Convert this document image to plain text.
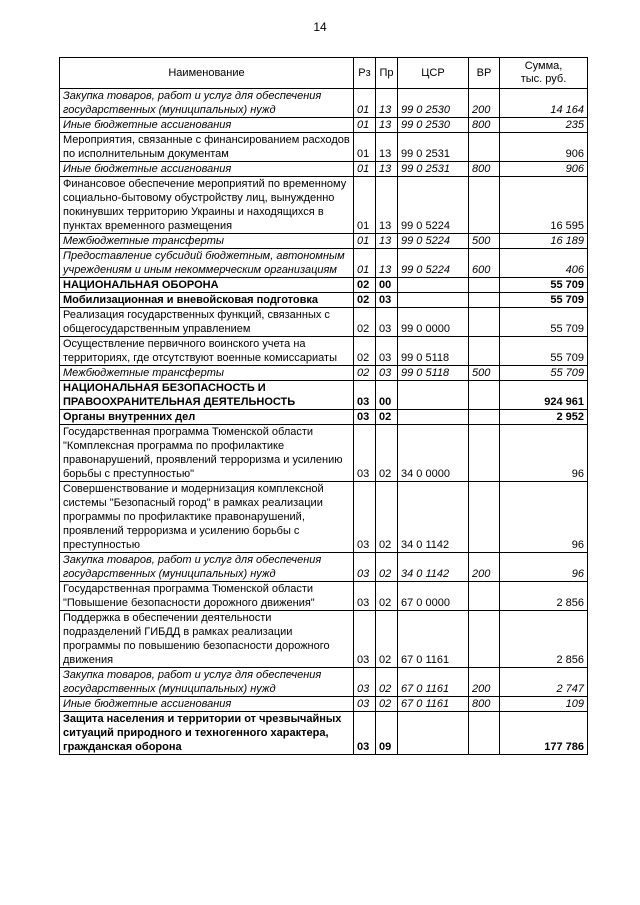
14
Наименование	Рз	Пр	ЦСР	ВР	Сумма,
тыс. руб.
Закупка товаров, работ и услуг для обеспечения государственных (муниципальных) нужд	01	13	99 0 2530	200	14 164
Иные бюджетные ассигнования	01	13	99 0 2530	800	235
Мероприятия, связанные с финансированием расходов по исполнительным документам	01	13	99 0 2531		906
Иные бюджетные ассигнования	01	13	99 0 2531	800	906
Финансовое обеспечение мероприятий по временному социально-бытовому обустройству лиц, вынужденно покинувших территорию Украины и находящихся в пунктах временного размещения	01	13	99 0 5224		16 595
Межбюджетные трансферты	01	13	99 0 5224	500	16 189
Предоставление субсидий бюджетным, автономным учреждениям и иным некоммерческим организациям	01	13	99 0 5224	600	406
НАЦИОНАЛЬНАЯ ОБОРОНА	02	00			55 709
Мобилизационная и вневойсковая подготовка	02	03			55 709
Реализация государственных функций, связанных с общегосударственным управлением	02	03	99 0 0000		55 709
Осуществление первичного воинского учета на территориях, где отсутствуют военные комиссариаты	02	03	99 0 5118		55 709
Межбюджетные трансферты	02	03	99 0 5118	500	55 709
НАЦИОНАЛЬНАЯ БЕЗОПАСНОСТЬ И ПРАВООХРАНИТЕЛЬНАЯ ДЕЯТЕЛЬНОСТЬ	03	00			924 961
Органы внутренних дел	03	02			2 952
Государственная программа Тюменской области "Комплексная программа по профилактике правонарушений, проявлений терроризма и усилению борьбы с преступностью"	03	02	34 0 0000		96
Совершенствование и модернизация комплексной системы "Безопасный город" в рамках реализации программы по профилактике правонарушений, проявлений терроризма и усилению борьбы с преступностью	03	02	34 0 1142		96
Закупка товаров, работ и услуг для обеспечения государственных (муниципальных) нужд	03	02	34 0 1142	200	96
Государственная программа Тюменской области "Повышение безопасности дорожного движения"	03	02	67 0 0000		2 856
Поддержка в обеспечении деятельности подразделений ГИБДД в рамках реализации программы по повышению безопасности дорожного движения	03	02	67 0 1161		2 856
Закупка товаров, работ и услуг для обеспечения государственных (муниципальных) нужд	03	02	67 0 1161	200	2 747
Иные бюджетные ассигнования	03	02	67 0 1161	800	109
Защита населения и территории от чрезвычайных ситуаций природного и техногенного характера, гражданская оборона	03	09			177 786
